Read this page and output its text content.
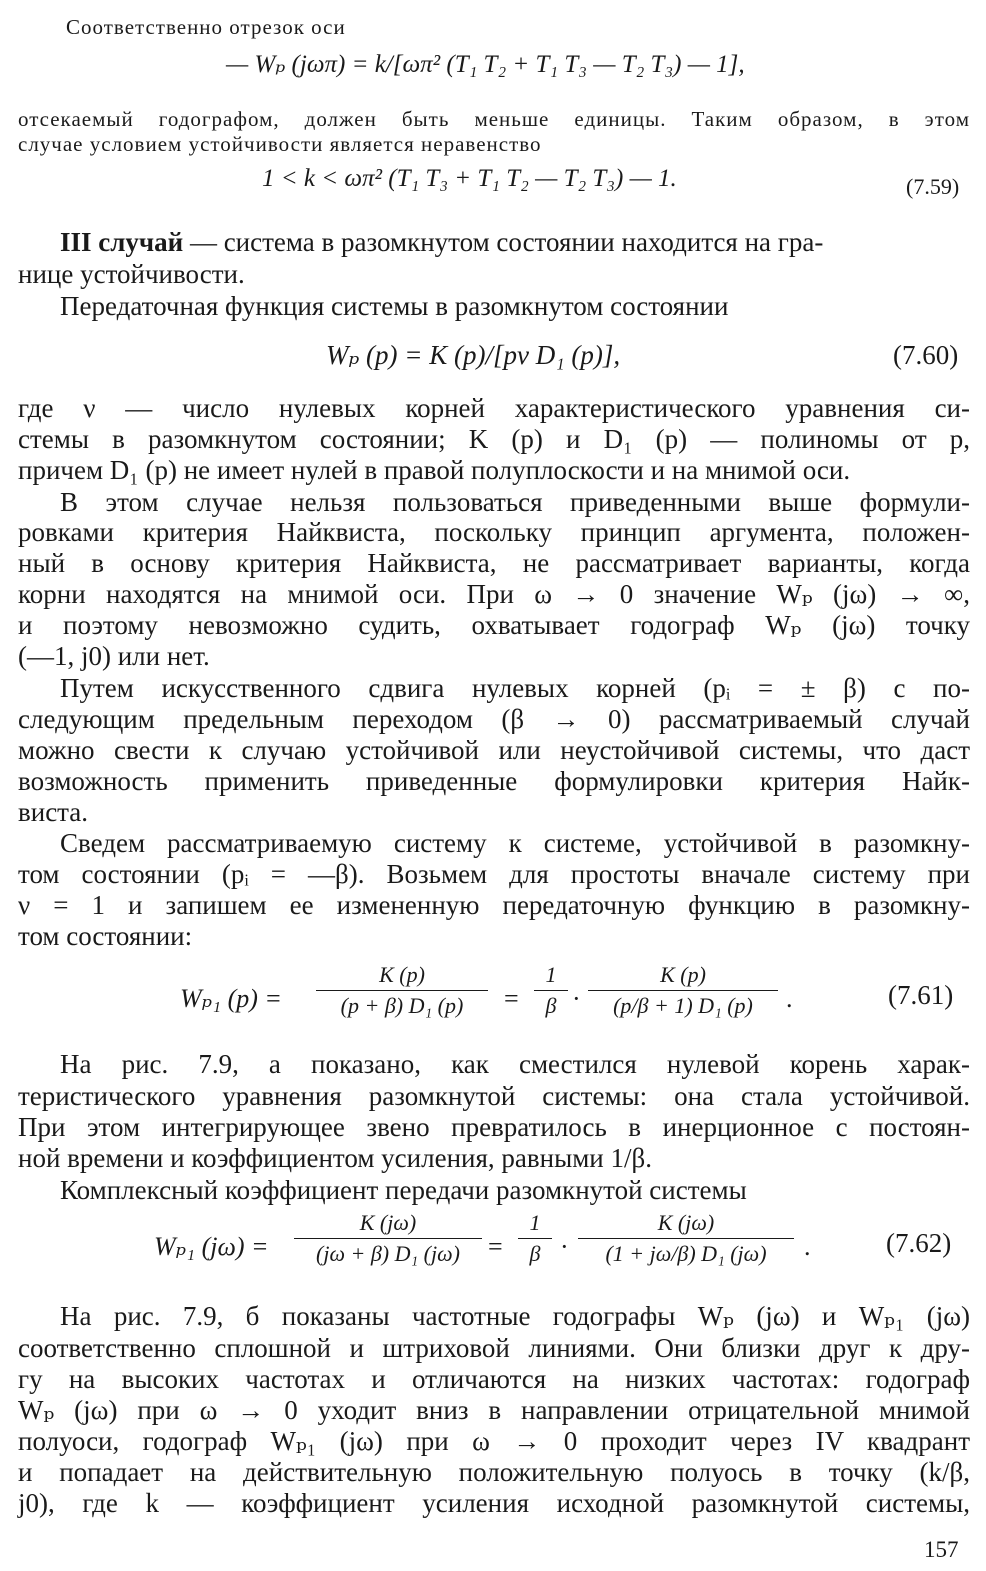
Соответственно отрезок оси
— Wₚ (jωπ) = k/[ωπ² (T₁ T₂ + T₁ T₃ — T₂ T₃) — 1],
отсекаемый годографом, должен быть меньше единицы. Таким образом, в этом
случае условием устойчивости является неравенство
1 < k < ωπ² (T₁ T₃ + T₁ T₂ — T₂ T₃) — 1.	(7.59)
III случай — система в разомкнутом состоянии находится на гра-
нице устойчивости.
Передаточная функция системы в разомкнутом состоянии
Wₚ (p) = K (p)/[pν D₁ (p)],	(7.60)
где ν — число нулевых корней характеристического уравнения си-
стемы в разомкнутом состоянии; K (p) и D₁ (p) — полиномы от p,
причем D₁ (p) не имеет нулей в правой полуплоскости и на мнимой оси.
В этом случае нельзя пользоваться приведенными выше формули-
ровками критерия Найквиста, поскольку принцип аргумента, положен-
ный в основу критерия Найквиста, не рассматривает варианты, когда
корни находятся на мнимой оси. При ω → 0 значение Wₚ (jω) → ∞,
и поэтому невозможно судить, охватывает годограф Wₚ (jω) точку
(—1, j0) или нет.
Путем искусственного сдвига нулевых корней (pᵢ = ± β) с по-
следующим предельным переходом (β → 0) рассматриваемый случай
можно свести к случаю устойчивой или неустойчивой системы, что даст
возможность применить приведенные формулировки критерия Найк-
виста.
Сведем рассматриваемую систему к системе, устойчивой в разомкну-
том состоянии (pᵢ = —β). Возьмем для простоты вначале систему при
ν = 1 и запишем ее измененную передаточную функцию в разомкну-
том состоянии:
Wₚ₁ (p) =
K (p)
(p + β) D₁ (p)	=
1
β ·
K (p)
(p/β + 1) D₁ (p)	.	(7.61)
На рис. 7.9, а показано, как сместился нулевой корень харак-
теристического уравнения разомкнутой системы: она стала устойчивой.
При этом интегрирующее звено превратилось в инерционное с постоян-
ной времени и коэффициентом усиления, равными 1/β.
Комплексный коэффициент передачи разомкнутой системы
Wₚ₁ (jω) =
K (jω)
(jω + β) D₁ (jω)	=
1
β ·
K (jω)
(1 + jω/β) D₁ (jω)	.	(7.62)
На рис. 7.9, б показаны частотные годографы Wₚ (jω) и Wₚ₁ (jω)
соответственно сплошной и штриховой линиями. Они близки друг к дру-
гу на высоких частотах и отличаются на низких частотах: годограф
Wₚ (jω) при ω → 0 уходит вниз в направлении отрицательной мнимой
полуоси, годограф Wₚ₁ (jω) при ω → 0 проходит через IV квадрант
и попадает на действительную положительную полуось в точку (k/β,
j0), где k — коэффициент усиления исходной разомкнутой системы,
157
